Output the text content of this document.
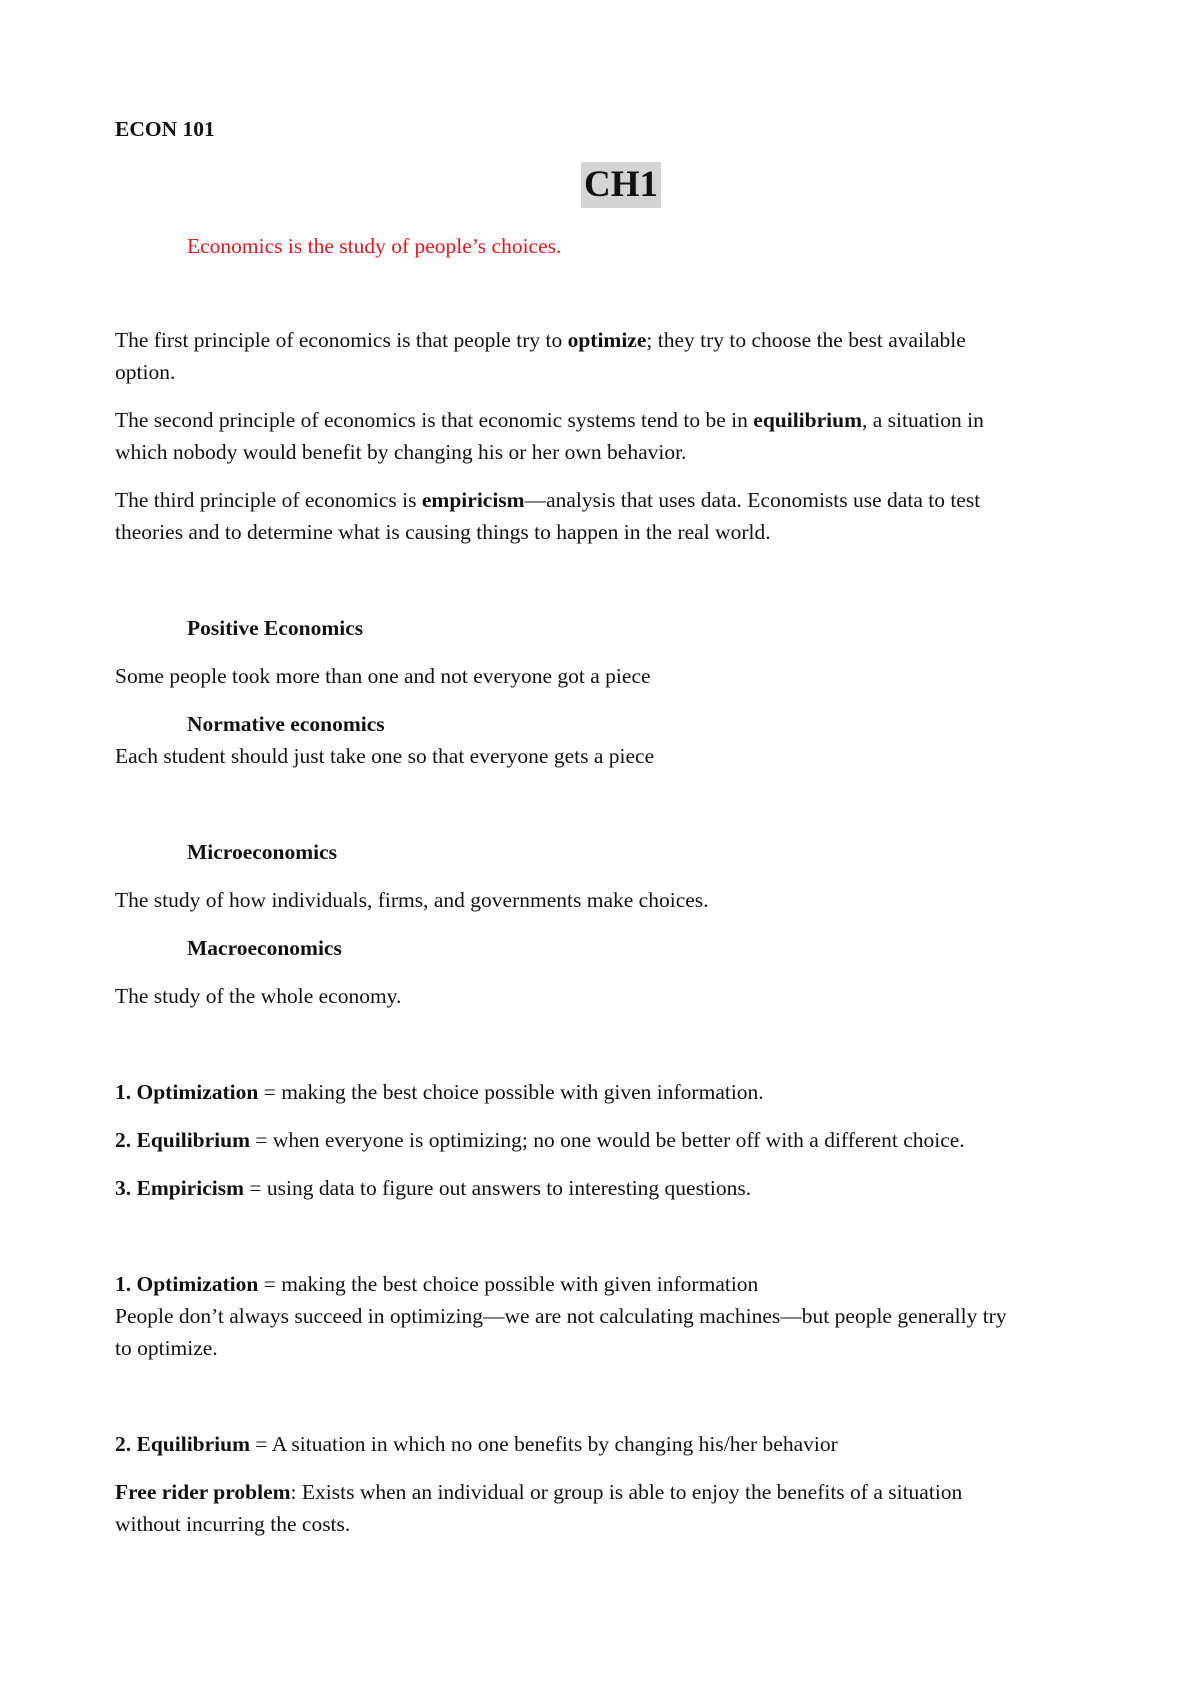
ECON 101
CH1
Economics is the study of people’s choices.
The first principle of economics is that people try to optimize; they try to choose the best available
option.
The second principle of economics is that economic systems tend to be in equilibrium, a situation in
which nobody would benefit by changing his or her own behavior.
The third principle of economics is empiricism—analysis that uses data. Economists use data to test
theories and to determine what is causing things to happen in the real world.
Positive Economics
Some people took more than one and not everyone got a piece
Normative economics
Each student should just take one so that everyone gets a piece
Microeconomics
The study of how individuals, firms, and governments make choices.
Macroeconomics
The study of the whole economy.
1. Optimization = making the best choice possible with given information.
2. Equilibrium = when everyone is optimizing; no one would be better off with a different choice.
3. Empiricism = using data to figure out answers to interesting questions.
1. Optimization = making the best choice possible with given information
People don’t always succeed in optimizing—we are not calculating machines—but people generally try
to optimize.
2. Equilibrium = A situation in which no one benefits by changing his/her behavior
Free rider problem: Exists when an individual or group is able to enjoy the benefits of a situation
without incurring the costs.
